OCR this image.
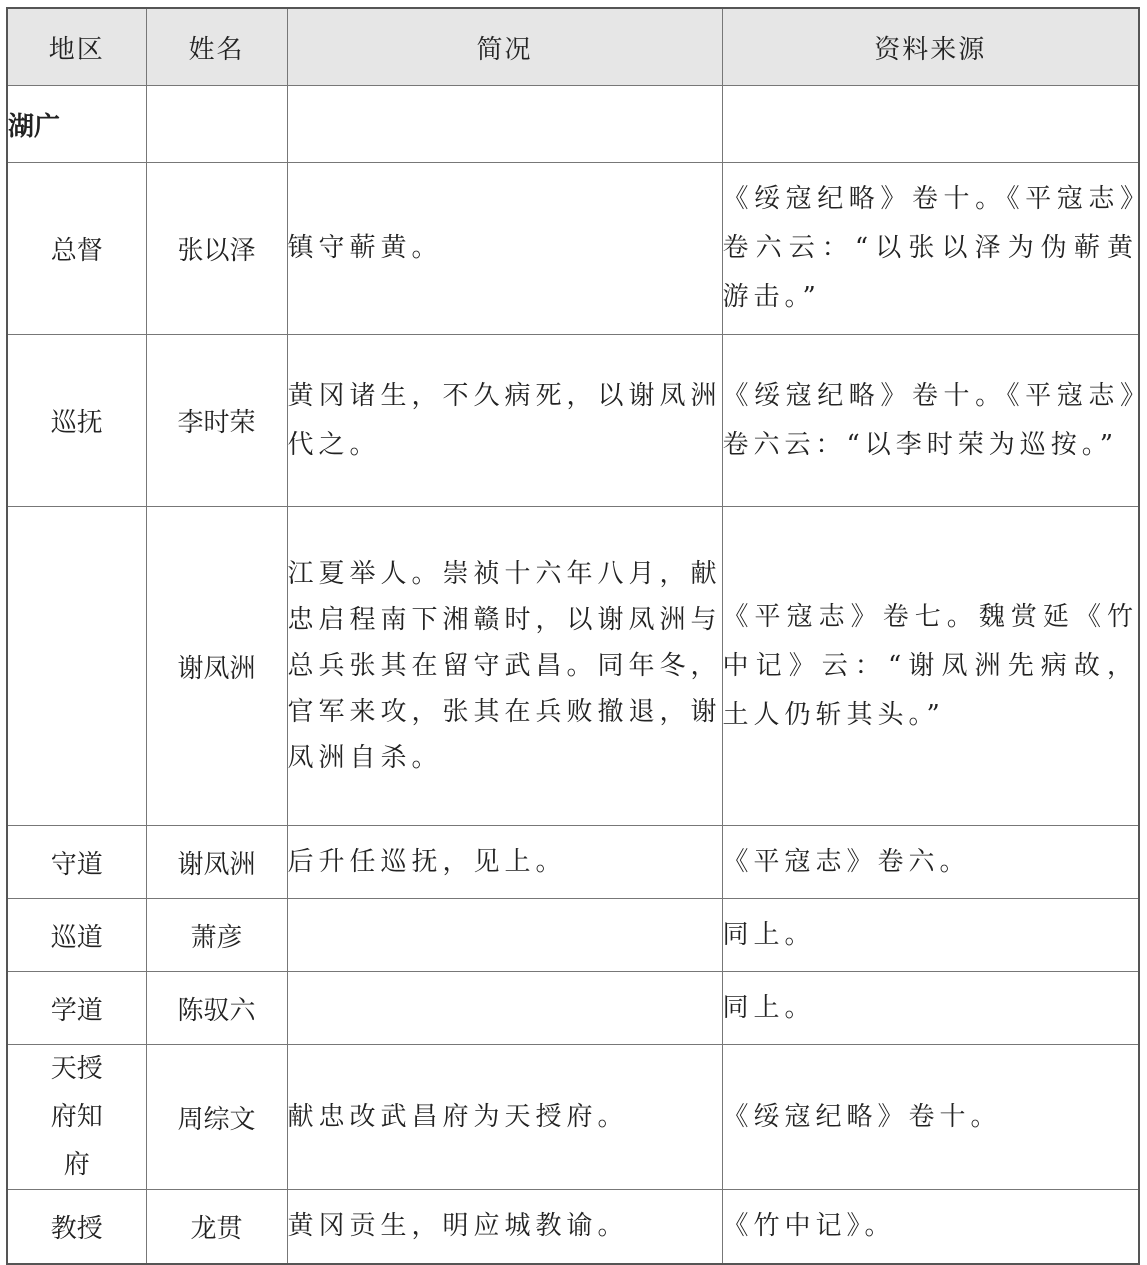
地区	姓名	简况	资料来源
湖广			
总督	张以泽	镇守蕲黄。	《绥寇纪略》卷十。《平寇志》卷六云：“以张以泽为伪蕲黄游击。”
巡抚	李时荣	黄冈诸生，不久病死，以谢凤洲代之。	《绥寇纪略》卷十。《平寇志》卷六云：“以李时荣为巡按。”
	谢凤洲	江夏举人。崇祯十六年八月，献忠启程南下湘赣时，以谢凤洲与总兵张其在留守武昌。同年冬，官军来攻，张其在兵败撤退，谢凤洲自杀。	《平寇志》卷七。魏赏延《竹中记》云：“谢凤洲先病故，土人仍斩其头。”
守道	谢凤洲	后升任巡抚，见上。	《平寇志》卷六。
巡道	萧彦		同上。
学道	陈驭六		同上。

天授府知府	周综文	献忠改武昌府为天授府。	《绥寇纪略》卷十。
教授	龙贯	黄冈贡生，明应城教谕。	《竹中记》。
